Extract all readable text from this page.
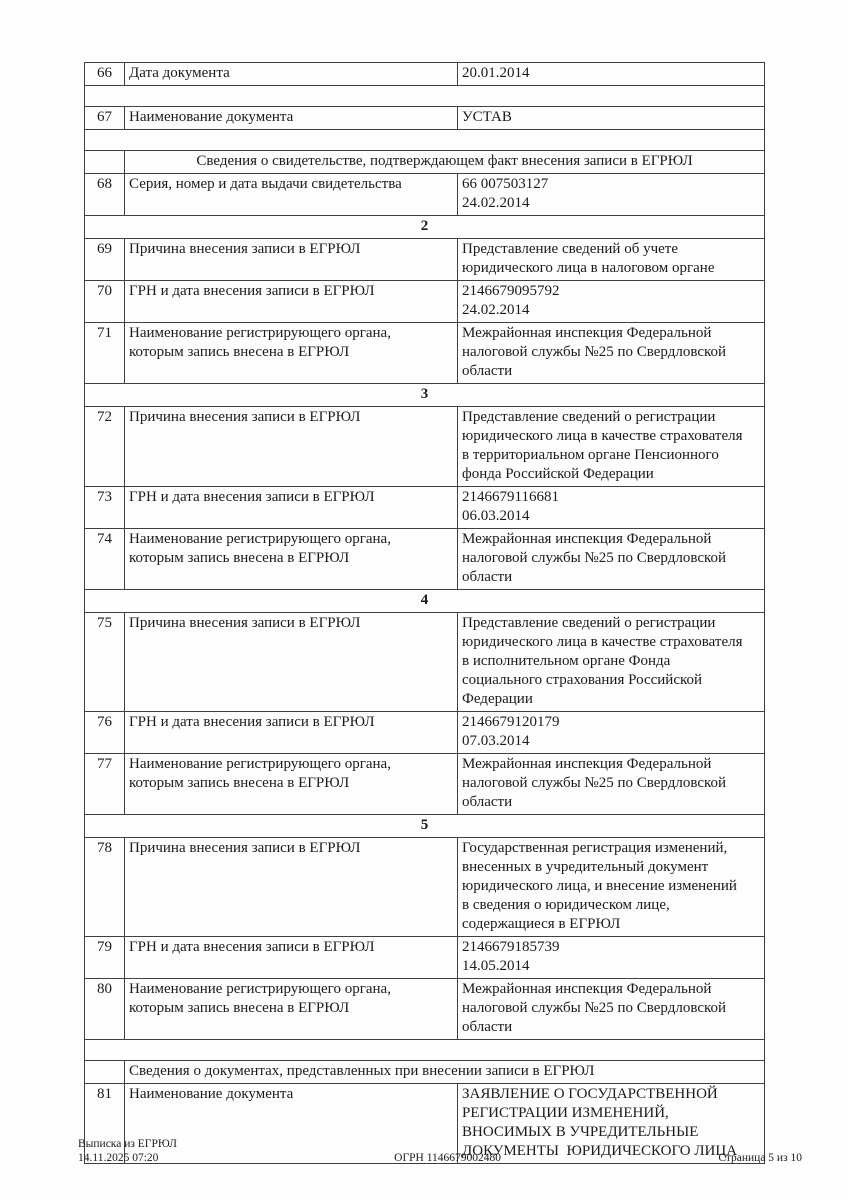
66	Дата документа	20.01.2014

67	Наименование документа	УСТАВ

	Сведения о свидетельстве, подтверждающем факт внесения записи в ЕГРЮЛ	
68	Серия, номер и дата выдачи свидетельства	66 007503127
24.02.2014
2		
69	Причина внесения записи в ЕГРЮЛ	Представление сведений об учете
юридического лица в налоговом органе
70	ГРН и дата внесения записи в ЕГРЮЛ	2146679095792
24.02.2014
71	Наименование регистрирующего органа,
которым запись внесена в ЕГРЮЛ	Межрайонная инспекция Федеральной
налоговой службы №25 по Свердловской
области
3		
72	Причина внесения записи в ЕГРЮЛ	Представление сведений о регистрации
юридического лица в качестве страхователя
в территориальном органе Пенсионного
фонда Российской Федерации
73	ГРН и дата внесения записи в ЕГРЮЛ	2146679116681
06.03.2014
74	Наименование регистрирующего органа,
которым запись внесена в ЕГРЮЛ	Межрайонная инспекция Федеральной
налоговой службы №25 по Свердловской
области
4		
75	Причина внесения записи в ЕГРЮЛ	Представление сведений о регистрации
юридического лица в качестве страхователя
в исполнительном органе Фонда
социального страхования Российской
Федерации
76	ГРН и дата внесения записи в ЕГРЮЛ	2146679120179
07.03.2014
77	Наименование регистрирующего органа,
которым запись внесена в ЕГРЮЛ	Межрайонная инспекция Федеральной
налоговой службы №25 по Свердловской
области
5		
78	Причина внесения записи в ЕГРЮЛ	Государственная регистрация изменений,
внесенных в учредительный документ
юридического лица, и внесение изменений
в сведения о юридическом лице,
содержащиеся в ЕГРЮЛ
79	ГРН и дата внесения записи в ЕГРЮЛ	2146679185739
14.05.2014
80	Наименование регистрирующего органа,
которым запись внесена в ЕГРЮЛ	Межрайонная инспекция Федеральной
налоговой службы №25 по Свердловской
области

	Сведения о документах, представленных при внесении записи в ЕГРЮЛ	
81	Наименование документа	ЗАЯВЛЕНИЕ О ГОСУДАРСТВЕННОЙ
РЕГИСТРАЦИИ ИЗМЕНЕНИЙ,
ВНОСИМЫХ В УЧРЕДИТЕЛЬНЫЕ
ДОКУМЕНТЫ  ЮРИДИЧЕСКОГО ЛИЦА
Выписка из ЕГРЮЛ
14.11.2025 07:20	ОГРН 1146679002480	Страница 5 из 10
